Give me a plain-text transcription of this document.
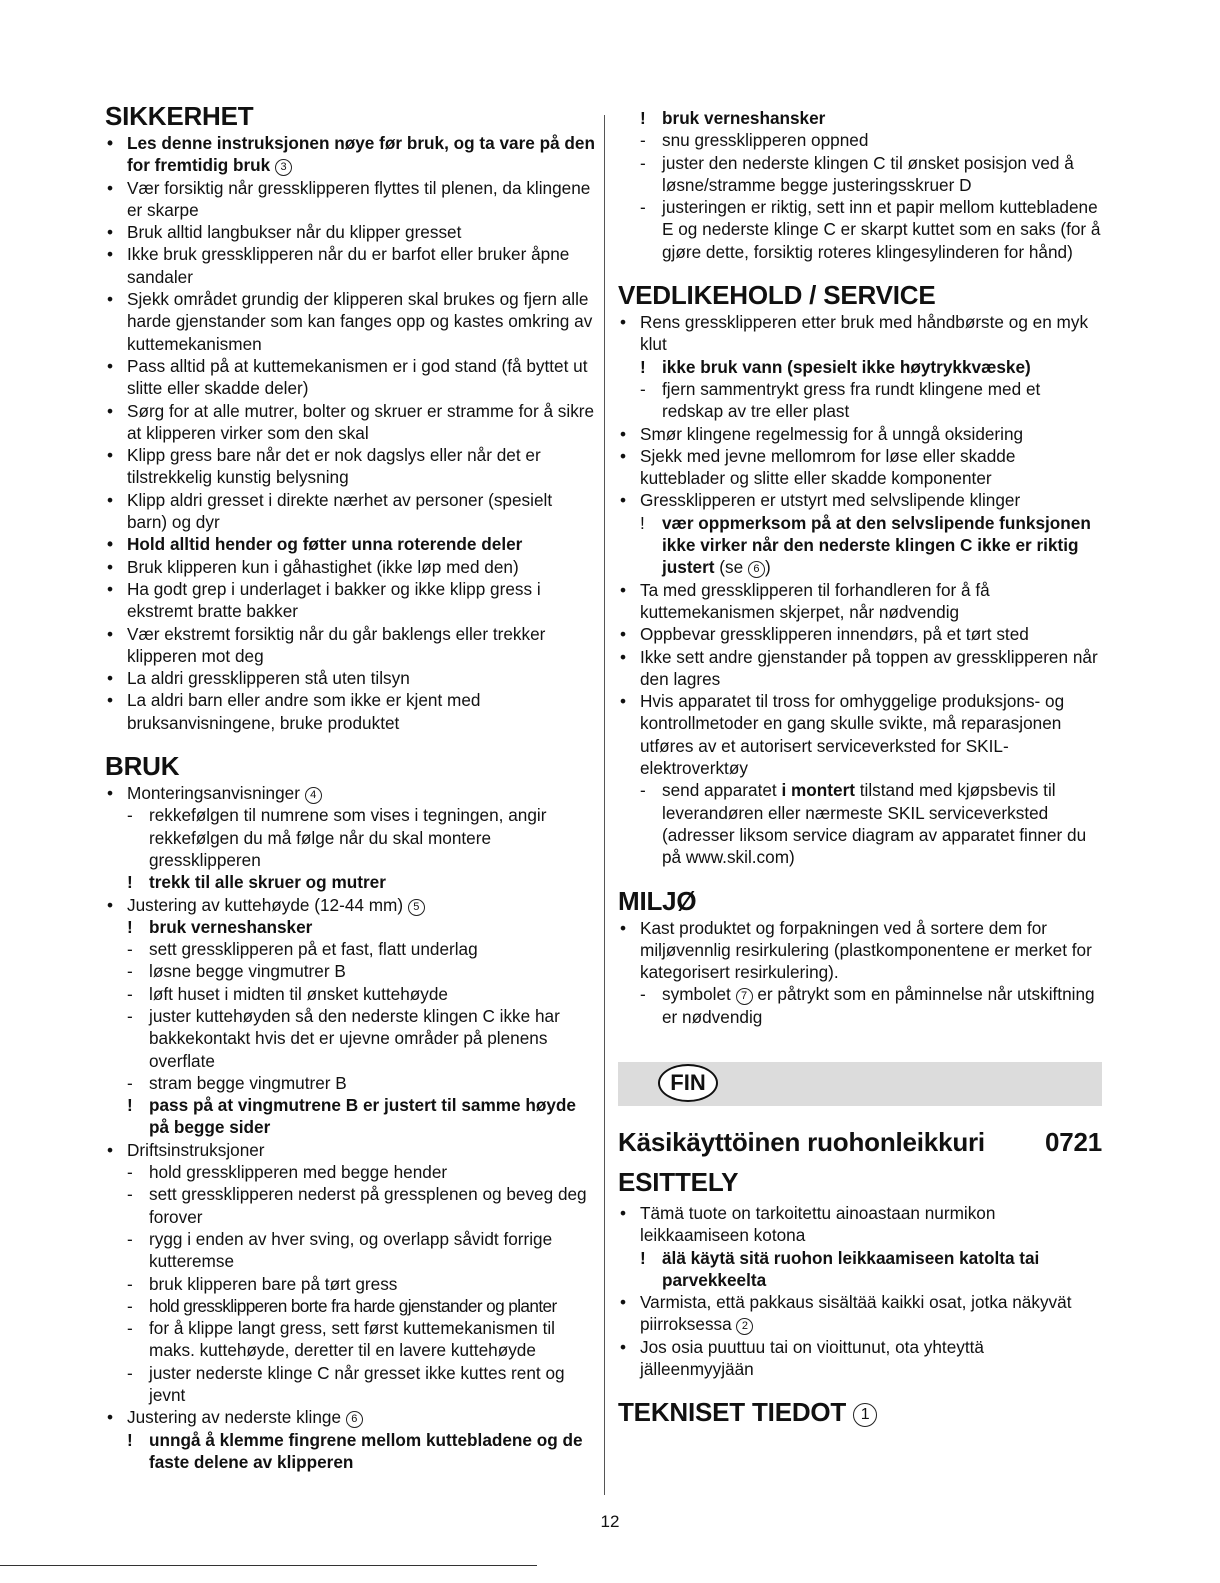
SIKKERHET
• Les denne instruksjonen nøye før bruk, og ta vare på den for fremtidig bruk 3
• Vær forsiktig når gressklipperen flyttes til plenen, da klingene er skarpe
• Bruk alltid langbukser når du klipper gresset
• Ikke bruk gressklipperen når du er barfot eller bruker åpne sandaler
• Sjekk området grundig der klipperen skal brukes og fjern alle harde gjenstander som kan fanges opp og kastes omkring av kuttemekanismen
• Pass alltid på at kuttemekanismen er i god stand (få byttet ut slitte eller skadde deler)
• Sørg for at alle mutrer, bolter og skruer er stramme for å sikre at klipperen virker som den skal
• Klipp gress bare når det er nok dagslys eller når det er tilstrekkelig kunstig belysning
• Klipp aldri gresset i direkte nærhet av personer (spesielt barn) og dyr
• Hold alltid hender og føtter unna roterende deler
• Bruk klipperen kun i gåhastighet (ikke løp med den)
• Ha godt grep i underlaget i bakker og ikke klipp gress i ekstremt bratte bakker
• Vær ekstremt forsiktig når du går baklengs eller trekker klipperen mot deg
• La aldri gressklipperen stå uten tilsyn
• La aldri barn eller andre som ikke er kjent med bruksanvisningene, bruke produktet
BRUK
• Monteringsanvisninger 4
- rekkefølgen til numrene som vises i tegningen, angir rekkefølgen du må følge når du skal montere gressklipperen
! trekk til alle skruer og mutrer
• Justering av kuttehøyde (12-44 mm) 5
! bruk verneshansker
- sett gressklipperen på et fast, flatt underlag
- løsne begge vingmutrer B
- løft huset i midten til ønsket kuttehøyde
- juster kuttehøyden så den nederste klingen C ikke har bakkekontakt hvis det er ujevne områder på plenens overflate
- stram begge vingmutrer B
! pass på at vingmutrene B er justert til samme høyde på begge sider
• Driftsinstruksjoner
- hold gressklipperen med begge hender
- sett gressklipperen nederst på gressplenen og beveg deg forover
- rygg i enden av hver sving, og overlapp såvidt forrige kutteremse
- bruk klipperen bare på tørt gress
- hold gressklipperen borte fra harde gjenstander og planter
- for å klippe langt gress, sett først kuttemekanismen til maks. kuttehøyde, deretter til en lavere kuttehøyde
- juster nederste klinge C når gresset ikke kuttes rent og jevnt
• Justering av nederste klinge 6
! unngå å klemme fingrene mellom kuttebladene og de faste delene av klipperen
! bruk verneshansker
- snu gressklipperen oppned
- juster den nederste klingen C til ønsket posisjon ved å løsne/stramme begge justeringsskruer D
- justeringen er riktig, sett inn et papir mellom kuttebladene E og nederste klinge C er skarpt kuttet som en saks (for å gjøre dette, forsiktig roteres klingesylinderen for hånd)
VEDLIKEHOLD / SERVICE
• Rens gressklipperen etter bruk med håndbørste og en myk klut
! ikke bruk vann (spesielt ikke høytrykkvæske)
- fjern sammentrykt gress fra rundt klingene med et redskap av tre eller plast
• Smør klingene regelmessig for å unngå oksidering
• Sjekk med jevne mellomrom for løse eller skadde kutteblader og slitte eller skadde komponenter
• Gressklipperen er utstyrt med selvslipende klinger
! vær oppmerksom på at den selvslipende funksjonen ikke virker når den nederste klingen C ikke er riktig justert (se 6 )
• Ta med gressklipperen til forhandleren for å få kuttemekanismen skjerpet, når nødvendig
• Oppbevar gressklipperen innendørs, på et tørt sted
• Ikke sett andre gjenstander på toppen av gressklipperen når den lagres
• Hvis apparatet til tross for omhyggelige produksjons- og kontrollmetoder en gang skulle svikte, må reparasjonen utføres av et autorisert serviceverksted for SKIL-elektroverktøy
- send apparatet i montert tilstand med kjøpsbevis til leverandøren eller nærmeste SKIL serviceverksted (adresser liksom service diagram av apparatet finner du på www.skil.com)
MILJØ
• Kast produktet og forpakningen ved å sortere dem for miljøvennlig resirkulering (plastkomponentene er merket for kategorisert resirkulering).
- symbolet 7 er påtrykt som en påminnelse når utskiftning er nødvendig
FIN
Käsikäyttöinen ruohonleikkuri 0721
ESITTELY
• Tämä tuote on tarkoitettu ainoastaan nurmikon leikkaamiseen kotona
! älä käytä sitä ruohon leikkaamiseen katolta tai parvekkeelta
• Varmista, että pakkaus sisältää kaikki osat, jotka näkyvät piirroksessa 2
• Jos osia puuttuu tai on vioittunut, ota yhteyttä jälleenmyyjään
TEKNISET TIEDOT 1
12
